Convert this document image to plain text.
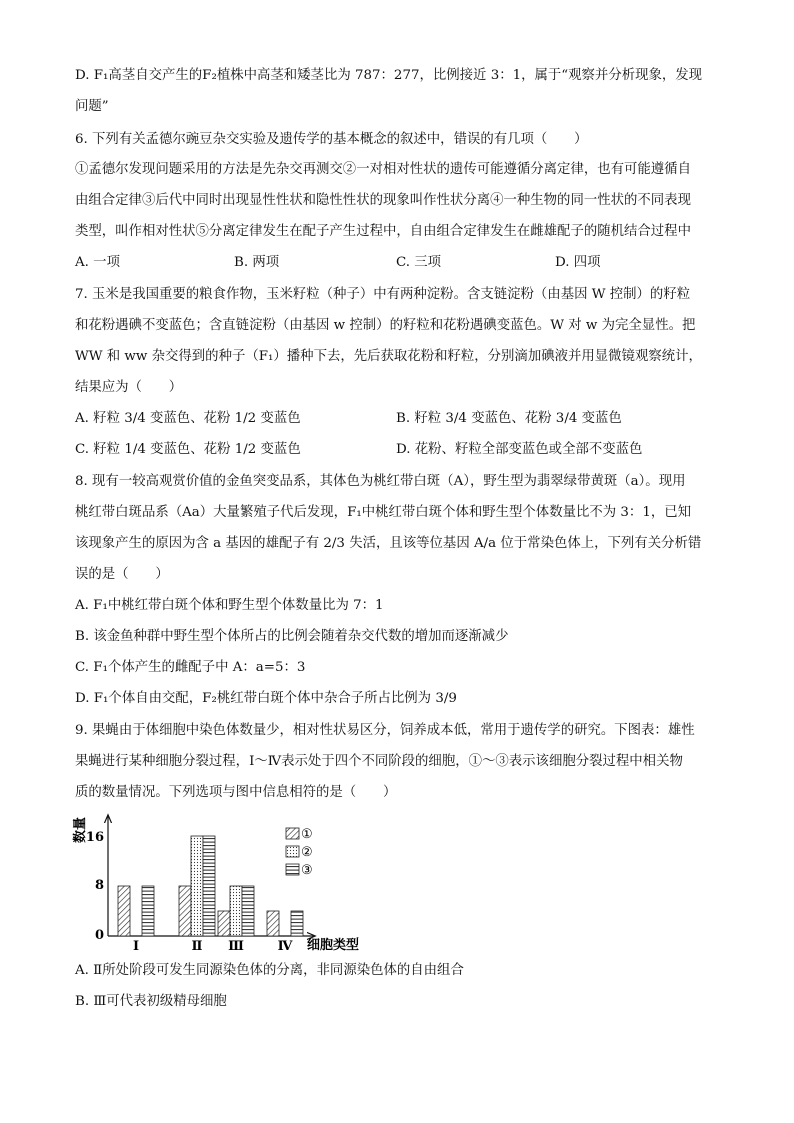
D. F₁高茎自交产生的F₂植株中高茎和矮茎比为 787：277，比例接近 3：1，属于“观察并分析现象，发现
问题”
6. 下列有关孟德尔豌豆杂交实验及遗传学的基本概念的叙述中，错误的有几项（　　）
①孟德尔发现问题采用的方法是先杂交再测交②一对相对性状的遗传可能遵循分离定律，也有可能遵循自
由组合定律③后代中同时出现显性性状和隐性性状的现象叫作性状分离④一种生物的同一性状的不同表现
类型，叫作相对性状⑤分离定律发生在配子产生过程中，自由组合定律发生在雌雄配子的随机结合过程中
A. 一项	B. 两项	C. 三项	D. 四项
7. 玉米是我国重要的粮食作物，玉米籽粒（种子）中有两种淀粉。含支链淀粉（由基因 W 控制）的籽粒
和花粉遇碘不变蓝色；含直链淀粉（由基因 w 控制）的籽粒和花粉遇碘变蓝色。W 对 w 为完全显性。把
WW 和 ww 杂交得到的种子（F₁）播种下去，先后获取花粉和籽粒，分别滴加碘液并用显微镜观察统计，
结果应为（　　）
A. 籽粒 3/4 变蓝色、花粉 1/2 变蓝色	B. 籽粒 3/4 变蓝色、花粉 3/4 变蓝色
C. 籽粒 1/4 变蓝色、花粉 1/2 变蓝色	D. 花粉、籽粒全部变蓝色或全部不变蓝色
8. 现有一较高观赏价值的金鱼突变品系，其体色为桃红带白斑（A），野生型为翡翠绿带黄斑（a）。现用
桃红带白斑品系（Aa）大量繁殖子代后发现，F₁中桃红带白斑个体和野生型个体数量比不为 3：1，已知
该现象产生的原因为含 a 基因的雄配子有 2/3 失活，且该等位基因 A/a 位于常染色体上，下列有关分析错
误的是（　　）
A. F₁中桃红带白斑个体和野生型个体数量比为 7：1
B. 该金鱼种群中野生型个体所占的比例会随着杂交代数的增加而逐渐减少
C. F₁个体产生的雌配子中 A：a=5：3
D. F₁个体自由交配，F₂桃红带白斑个体中杂合子所占比例为 3/9
9. 果蝇由于体细胞中染色体数量少，相对性状易区分，饲养成本低，常用于遗传学的研究。下图表：雄性
果蝇进行某种细胞分裂过程，Ⅰ～Ⅳ表示处于四个不同阶段的细胞，①～③表示该细胞分裂过程中相关物
质的数量情况。下列选项与图中信息相符的是（　　）
数量
16
8
0
细胞类型
Ⅰ	Ⅱ Ⅲ	Ⅳ
①
②
③
A. Ⅱ所处阶段可发生同源染色体的分离，非同源染色体的自由组合
B. Ⅲ可代表初级精母细胞
